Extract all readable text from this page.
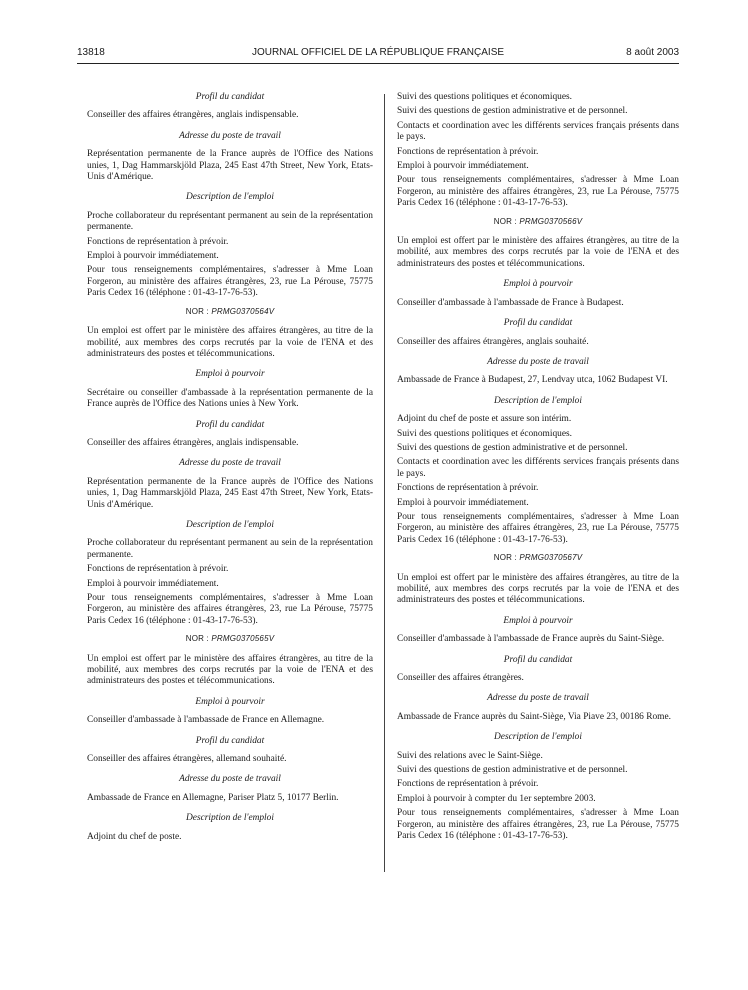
13818	JOURNAL OFFICIEL DE LA RÉPUBLIQUE FRANÇAISE	8 août 2003
Profil du candidat
Conseiller des affaires étrangères, anglais indispensable.
Adresse du poste de travail
Représentation permanente de la France auprès de l'Office des Nations unies, 1, Dag Hammarskjöld Plaza, 245 East 47th Street, New York, Etats-Unis d'Amérique.
Description de l'emploi
Proche collaborateur du représentant permanent au sein de la représentation permanente.
Fonctions de représentation à prévoir.
Emploi à pourvoir immédiatement.
Pour tous renseignements complémentaires, s'adresser à Mme Loan Forgeron, au ministère des affaires étrangères, 23, rue La Pérouse, 75775 Paris Cedex 16 (téléphone : 01-43-17-76-53).
NOR : PRMG0370564V
Un emploi est offert par le ministère des affaires étrangères, au titre de la mobilité, aux membres des corps recrutés par la voie de l'ENA et des administrateurs des postes et télécommunications.
Emploi à pourvoir
Secrétaire ou conseiller d'ambassade à la représentation permanente de la France auprès de l'Office des Nations unies à New York.
Profil du candidat
Conseiller des affaires étrangères, anglais indispensable.
Adresse du poste de travail
Représentation permanente de la France auprès de l'Office des Nations unies, 1, Dag Hammarskjöld Plaza, 245 East 47th Street, New York, Etats-Unis d'Amérique.
Description de l'emploi
Proche collaborateur du représentant permanent au sein de la représentation permanente.
Fonctions de représentation à prévoir.
Emploi à pourvoir immédiatement.
Pour tous renseignements complémentaires, s'adresser à Mme Loan Forgeron, au ministère des affaires étrangères, 23, rue La Pérouse, 75775 Paris Cedex 16 (téléphone : 01-43-17-76-53).
NOR : PRMG0370565V
Un emploi est offert par le ministère des affaires étrangères, au titre de la mobilité, aux membres des corps recrutés par la voie de l'ENA et des administrateurs des postes et télécommunications.
Emploi à pourvoir
Conseiller d'ambassade à l'ambassade de France en Allemagne.
Profil du candidat
Conseiller des affaires étrangères, allemand souhaité.
Adresse du poste de travail
Ambassade de France en Allemagne, Pariser Platz 5, 10177 Berlin.
Description de l'emploi
Adjoint du chef de poste.
Suivi des questions politiques et économiques.
Suivi des questions de gestion administrative et de personnel.
Contacts et coordination avec les différents services français présents dans le pays.
Fonctions de représentation à prévoir.
Emploi à pourvoir immédiatement.
Pour tous renseignements complémentaires, s'adresser à Mme Loan Forgeron, au ministère des affaires étrangères, 23, rue La Pérouse, 75775 Paris Cedex 16 (téléphone : 01-43-17-76-53).
NOR : PRMG0370566V
Un emploi est offert par le ministère des affaires étrangères, au titre de la mobilité, aux membres des corps recrutés par la voie de l'ENA et des administrateurs des postes et télécommunications.
Emploi à pourvoir
Conseiller d'ambassade à l'ambassade de France à Budapest.
Profil du candidat
Conseiller des affaires étrangères, anglais souhaité.
Adresse du poste de travail
Ambassade de France à Budapest, 27, Lendvay utca, 1062 Budapest VI.
Description de l'emploi
Adjoint du chef de poste et assure son intérim.
Suivi des questions politiques et économiques.
Suivi des questions de gestion administrative et de personnel.
Contacts et coordination avec les différents services français présents dans le pays.
Fonctions de représentation à prévoir.
Emploi à pourvoir immédiatement.
Pour tous renseignements complémentaires, s'adresser à Mme Loan Forgeron, au ministère des affaires étrangères, 23, rue La Pérouse, 75775 Paris Cedex 16 (téléphone : 01-43-17-76-53).
NOR : PRMG0370567V
Un emploi est offert par le ministère des affaires étrangères, au titre de la mobilité, aux membres des corps recrutés par la voie de l'ENA et des administrateurs des postes et télécommunications.
Emploi à pourvoir
Conseiller d'ambassade à l'ambassade de France auprès du Saint-Siège.
Profil du candidat
Conseiller des affaires étrangères.
Adresse du poste de travail
Ambassade de France auprès du Saint-Siège, Via Piave 23, 00186 Rome.
Description de l'emploi
Suivi des relations avec le Saint-Siège.
Suivi des questions de gestion administrative et de personnel.
Fonctions de représentation à prévoir.
Emploi à pourvoir à compter du 1er septembre 2003.
Pour tous renseignements complémentaires, s'adresser à Mme Loan Forgeron, au ministère des affaires étrangères, 23, rue La Pérouse, 75775 Paris Cedex 16 (téléphone : 01-43-17-76-53).
